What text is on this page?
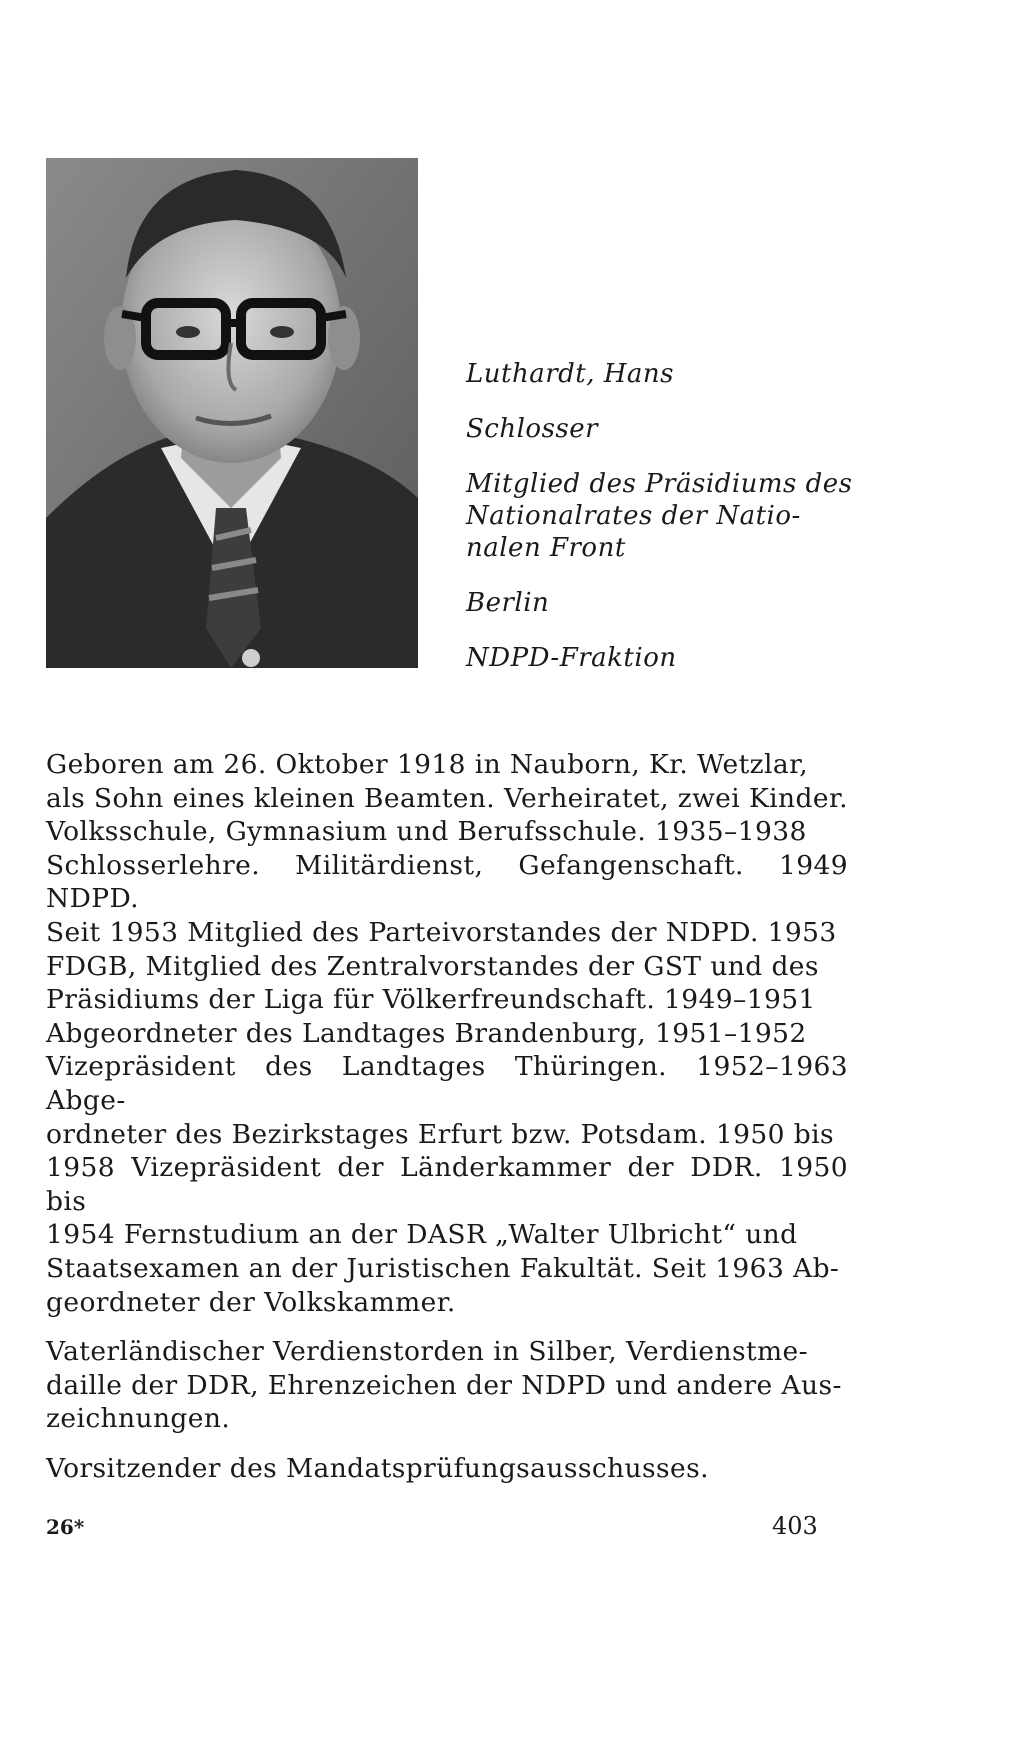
Luthardt, Hans

Schlosser

Mitglied des Präsidiums des
Nationalrates der Natio-
nalen Front

Berlin

NDPD-Fraktion

Geboren am 26. Oktober 1918 in Nauborn, Kr. Wetzlar,
als Sohn eines kleinen Beamten. Verheiratet, zwei Kinder.
Volksschule, Gymnasium und Berufsschule. 1935–1938
Schlosserlehre. Militärdienst, Gefangenschaft. 1949 NDPD.
Seit 1953 Mitglied des Parteivorstandes der NDPD. 1953
FDGB, Mitglied des Zentralvorstandes der GST und des
Präsidiums der Liga für Völkerfreundschaft. 1949–1951
Abgeordneter des Landtages Brandenburg, 1951–1952
Vizepräsident des Landtages Thüringen. 1952–1963 Abge-
ordneter des Bezirkstages Erfurt bzw. Potsdam. 1950 bis
1958 Vizepräsident der Länderkammer der DDR. 1950 bis
1954 Fernstudium an der DASR „Walter Ulbricht“ und
Staatsexamen an der Juristischen Fakultät. Seit 1963 Ab-
geordneter der Volkskammer.

Vaterländischer Verdienstorden in Silber, Verdienstme-
daille der DDR, Ehrenzeichen der NDPD und andere Aus-
zeichnungen.

Vorsitzender des Mandatsprüfungsausschusses.

26*	403
